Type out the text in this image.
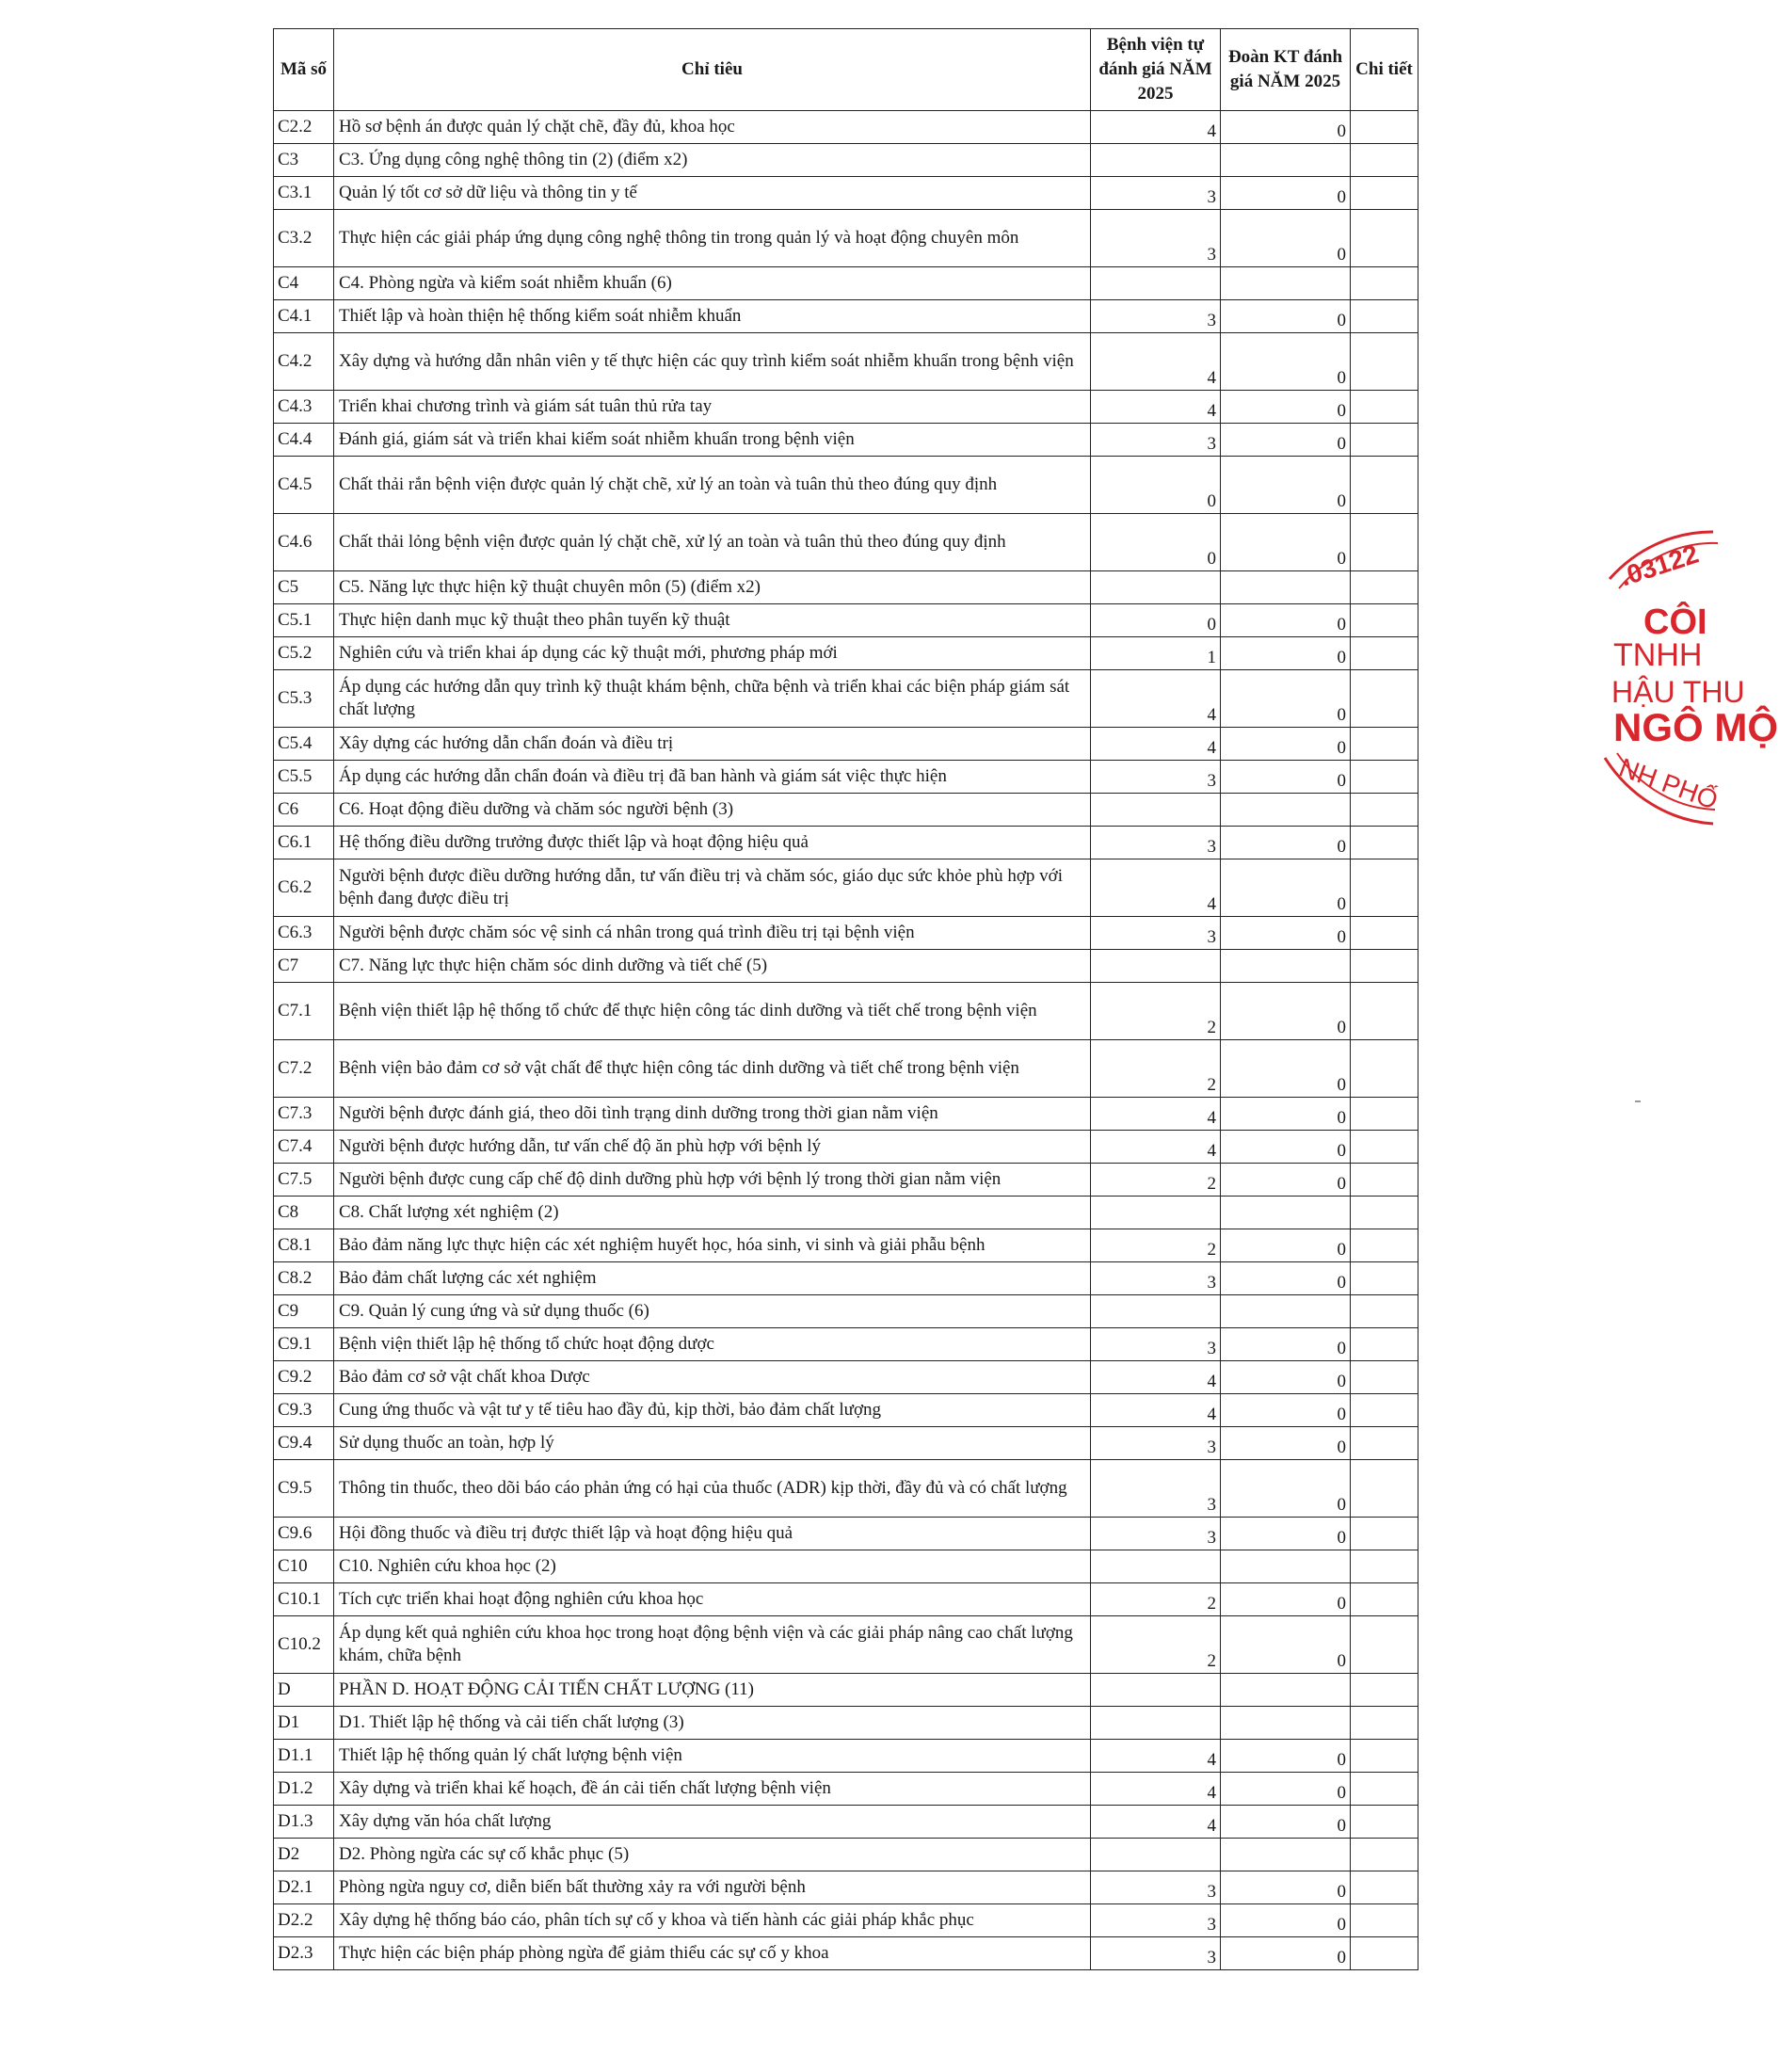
Mã số	Chỉ tiêu	Bệnh viện tự đánh giá NĂM 2025	Đoàn KT đánh giá NĂM 2025	Chi tiết
C2.2	Hồ sơ bệnh án được quản lý chặt chẽ, đầy đủ, khoa học	4	0	
C3	C3. Ứng dụng công nghệ thông tin (2) (điểm x2)			
C3.1	Quản lý tốt cơ sở dữ liệu và thông tin y tế	3	0	
C3.2	Thực hiện các giải pháp ứng dụng công nghệ thông tin trong quản lý và hoạt động chuyên môn	3	0	
C4	C4. Phòng ngừa và kiểm soát nhiễm khuẩn (6)			
C4.1	Thiết lập và hoàn thiện hệ thống kiểm soát nhiễm khuẩn	3	0	
C4.2	Xây dựng và hướng dẫn nhân viên y tế thực hiện các quy trình kiểm soát nhiễm khuẩn trong bệnh viện	4	0	
C4.3	Triển khai chương trình và giám sát tuân thủ rửa tay	4	0	
C4.4	Đánh giá, giám sát và triển khai kiểm soát nhiễm khuẩn trong bệnh viện	3	0	
C4.5	Chất thải rắn bệnh viện được quản lý chặt chẽ, xử lý an toàn và tuân thủ theo đúng quy định	0	0	
C4.6	Chất thải lỏng bệnh viện được quản lý chặt chẽ, xử lý an toàn và tuân thủ theo đúng quy định	0	0	
C5	C5. Năng lực thực hiện kỹ thuật chuyên môn (5) (điểm x2)			
C5.1	Thực hiện danh mục kỹ thuật theo phân tuyến kỹ thuật	0	0	
C5.2	Nghiên cứu và triển khai áp dụng các kỹ thuật mới, phương pháp mới	1	0	
C5.3	Áp dụng các hướng dẫn quy trình kỹ thuật khám bệnh, chữa bệnh và triển khai các biện pháp giám sát chất lượng	4	0	
C5.4	Xây dựng các hướng dẫn chẩn đoán và điều trị	4	0	
C5.5	Áp dụng các hướng dẫn chẩn đoán và điều trị đã ban hành và giám sát việc thực hiện	3	0	
C6	C6. Hoạt động điều dưỡng và chăm sóc người bệnh (3)			
C6.1	Hệ thống điều dưỡng trưởng được thiết lập và hoạt động hiệu quả	3	0	
C6.2	Người bệnh được điều dưỡng hướng dẫn, tư vấn điều trị và chăm sóc, giáo dục sức khỏe phù hợp với bệnh đang được điều trị	4	0	
C6.3	Người bệnh được chăm sóc vệ sinh cá nhân trong quá trình điều trị tại bệnh viện	3	0	
C7	C7. Năng lực thực hiện chăm sóc dinh dưỡng và tiết chế (5)			
C7.1	Bệnh viện thiết lập hệ thống tổ chức để thực hiện công tác dinh dưỡng và tiết chế trong bệnh viện	2	0	
C7.2	Bệnh viện bảo đảm cơ sở vật chất để thực hiện công tác dinh dưỡng và tiết chế trong bệnh viện	2	0	
C7.3	Người bệnh được đánh giá, theo dõi tình trạng dinh dưỡng trong thời gian nằm viện	4	0	
C7.4	Người bệnh được hướng dẫn, tư vấn chế độ ăn phù hợp với bệnh lý	4	0	
C7.5	Người bệnh được cung cấp chế độ dinh dưỡng phù hợp với bệnh lý trong thời gian nằm viện	2	0	
C8	C8. Chất lượng xét nghiệm (2)			
C8.1	Bảo đảm năng lực thực hiện các xét nghiệm huyết học, hóa sinh, vi sinh và giải phẫu bệnh	2	0	
C8.2	Bảo đảm chất lượng các xét nghiệm	3	0	
C9	C9. Quản lý cung ứng và sử dụng thuốc (6)			
C9.1	Bệnh viện thiết lập hệ thống tổ chức hoạt động dược	3	0	
C9.2	Bảo đảm cơ sở vật chất khoa Dược	4	0	
C9.3	Cung ứng thuốc và vật tư y tế tiêu hao đầy đủ, kịp thời, bảo đảm chất lượng	4	0	
C9.4	Sử dụng thuốc an toàn, hợp lý	3	0	
C9.5	Thông tin thuốc, theo dõi báo cáo phản ứng có hại của thuốc (ADR) kịp thời, đầy đủ và có chất lượng	3	0	
C9.6	Hội đồng thuốc và điều trị được thiết lập và hoạt động hiệu quả	3	0	
C10	C10. Nghiên cứu khoa học (2)			
C10.1	Tích cực triển khai hoạt động nghiên cứu khoa học	2	0	
C10.2	Áp dụng kết quả nghiên cứu khoa học trong hoạt động bệnh viện và các giải pháp nâng cao chất lượng khám, chữa bệnh	2	0	
D	PHẦN D. HOẠT ĐỘNG CẢI TIẾN CHẤT LƯỢNG (11)			
D1	D1. Thiết lập hệ thống và cải tiến chất lượng (3)			
D1.1	Thiết lập hệ thống quản lý chất lượng bệnh viện	4	0	
D1.2	Xây dựng và triển khai kế hoạch, đề án cải tiến chất lượng bệnh viện	4	0	
D1.3	Xây dựng văn hóa chất lượng	4	0	
D2	D2. Phòng ngừa các sự cố khắc phục (5)			
D2.1	Phòng ngừa nguy cơ, diễn biến bất thường xảy ra với người bệnh	3	0	
D2.2	Xây dựng hệ thống báo cáo, phân tích sự cố y khoa và tiến hành các giải pháp khắc phục	3	0	
D2.3	Thực hiện các biện pháp phòng ngừa để giảm thiểu các sự cố y khoa	3	0	
.03122
CÔI
TNHH
HẬU THU
NGÔ MỘ
NH PHỐ
